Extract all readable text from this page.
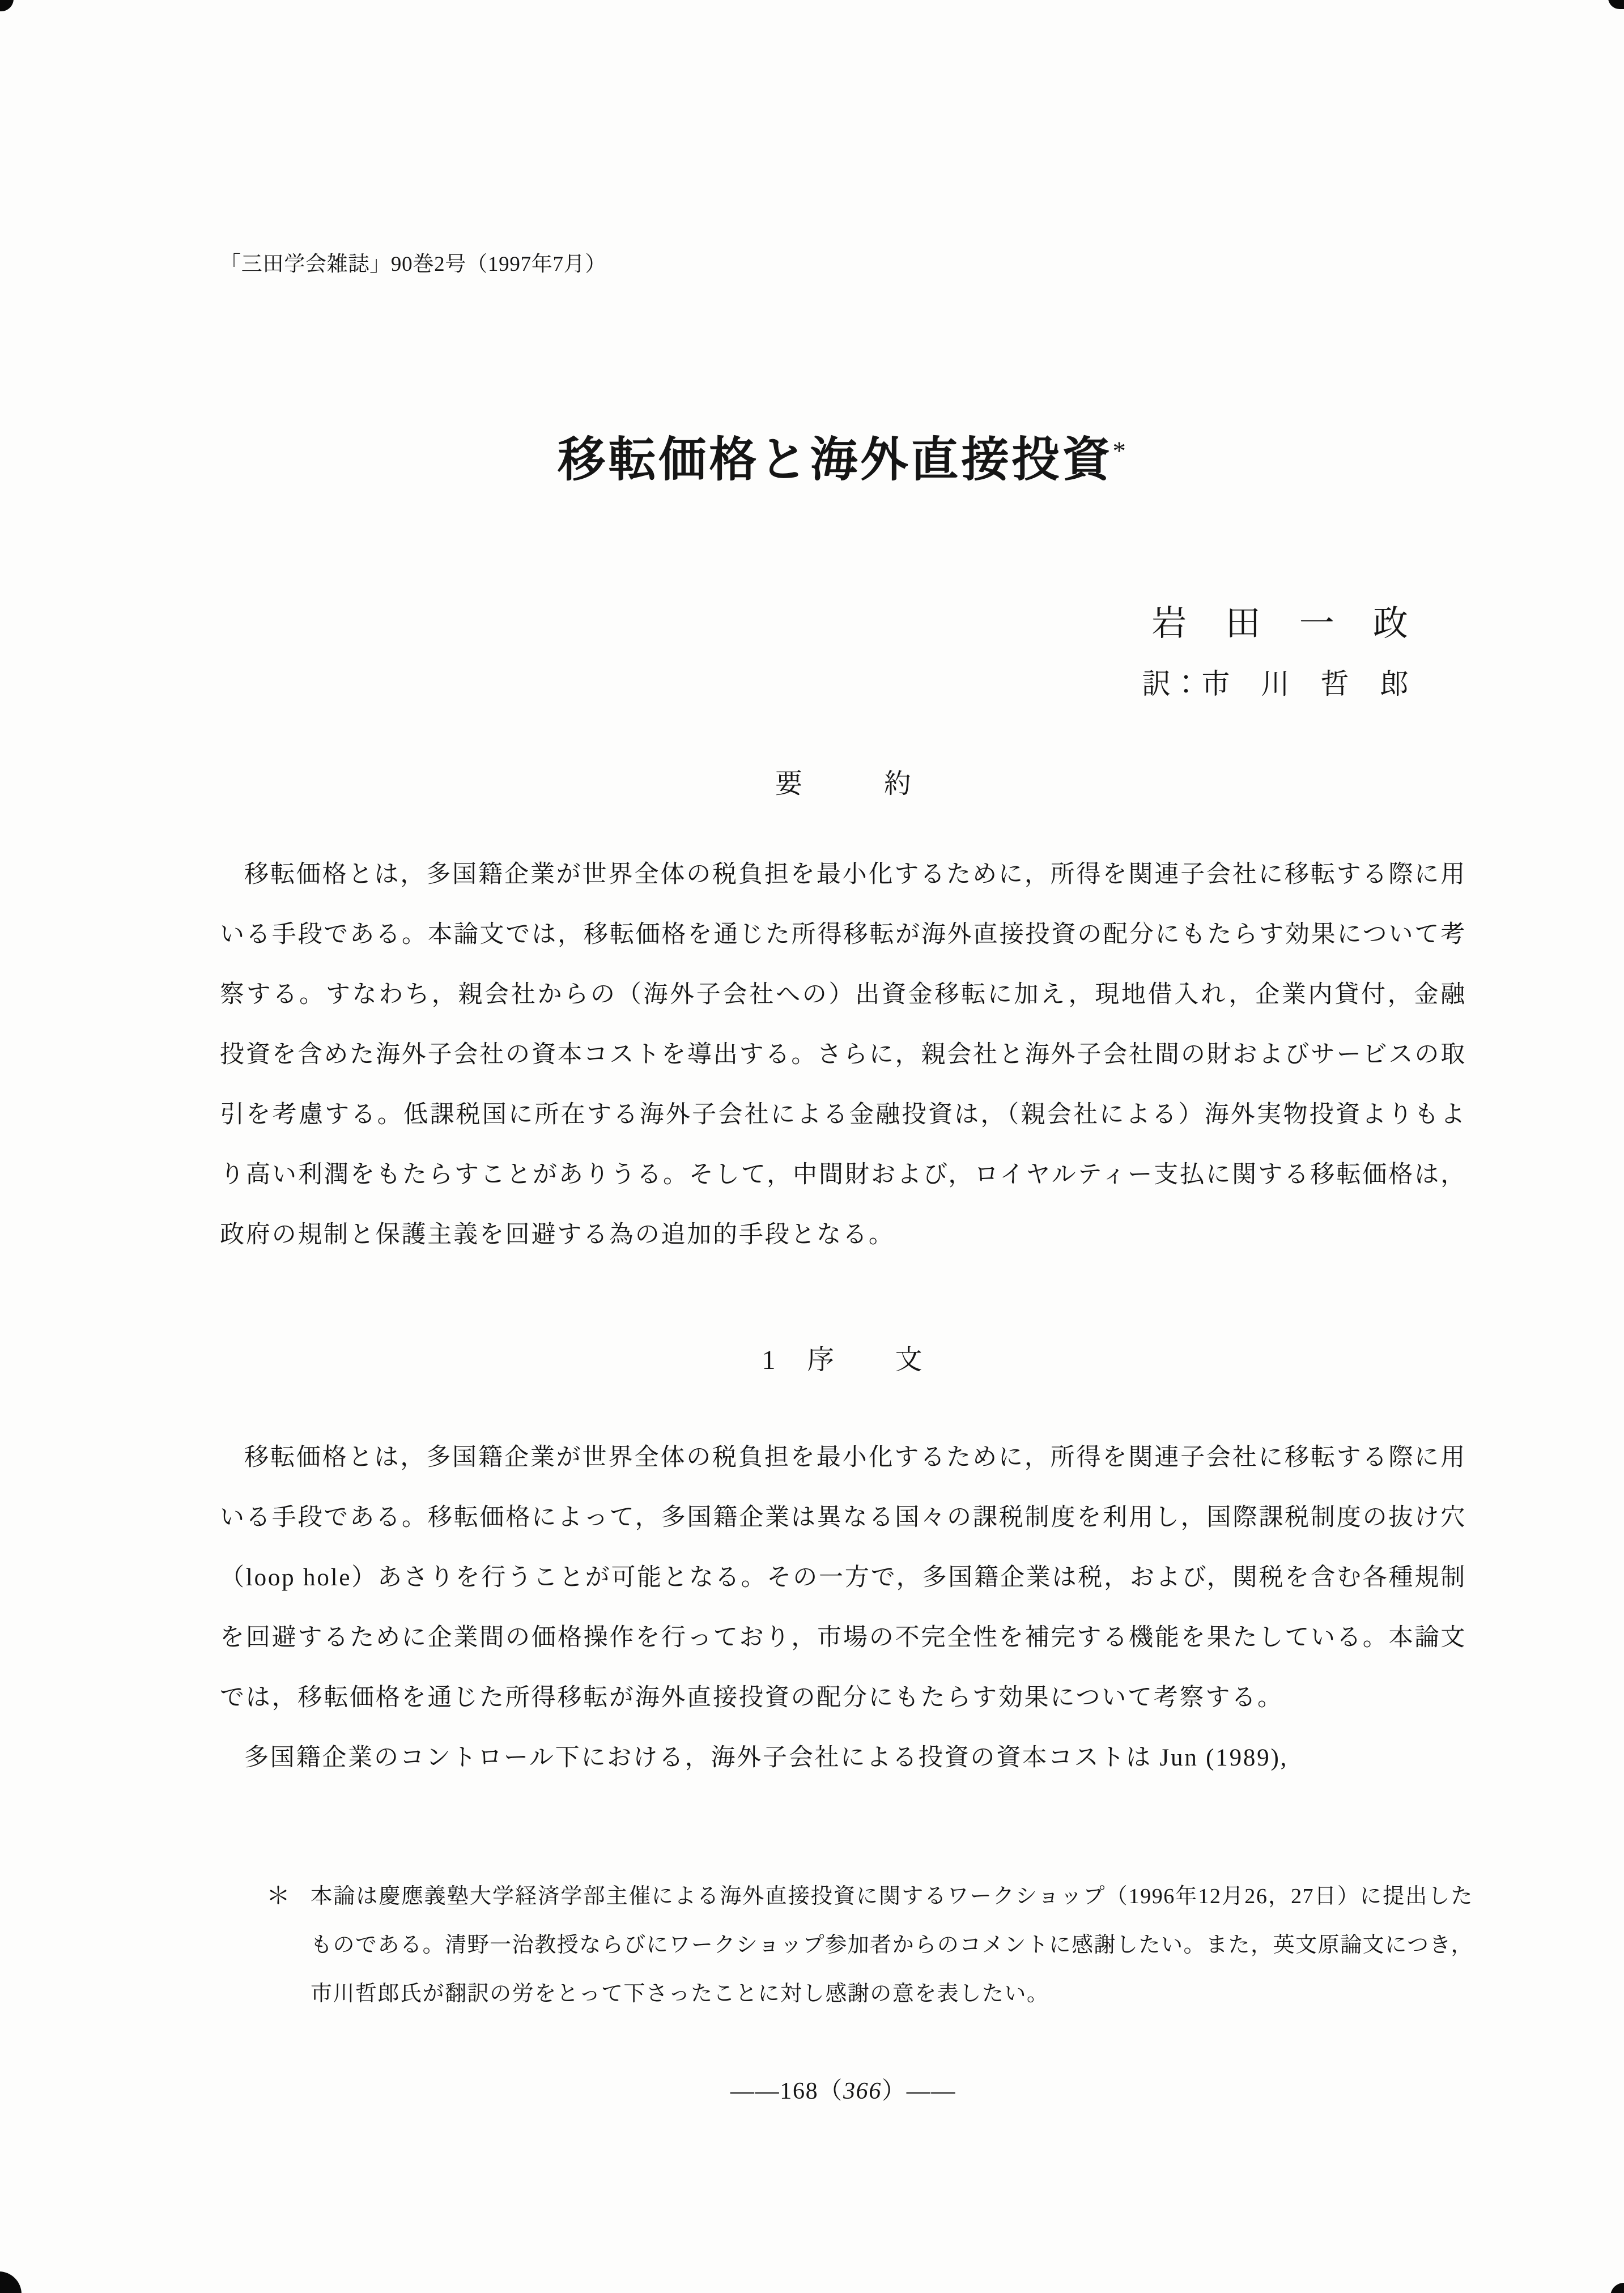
「三田学会雑誌」90巻2号（1997年7月）
移転価格と海外直接投資*
岩　田　一　政
訳：市　川　哲　郎
要　　　約

移転価格とは，多国籍企業が世界全体の税負担を最小化するために，所得を関連子会社に移転する際に用いる手段である。本論文では，移転価格を通じた所得移転が海外直接投資の配分にもたらす効果について考察する。すなわち，親会社からの（海外子会社への）出資金移転に加え，現地借入れ，企業内貸付，金融投資を含めた海外子会社の資本コストを導出する。さらに，親会社と海外子会社間の財およびサービスの取引を考慮する。低課税国に所在する海外子会社による金融投資は，（親会社による）海外実物投資よりもより高い利潤をもたらすことがありうる。そして，中間財および，ロイヤルティー支払に関する移転価格は，政府の規制と保護主義を回避する為の追加的手段となる。

1　序　　文

移転価格とは，多国籍企業が世界全体の税負担を最小化するために，所得を関連子会社に移転する際に用いる手段である。移転価格によって，多国籍企業は異なる国々の課税制度を利用し，国際課税制度の抜け穴（loop hole）あさりを行うことが可能となる。その一方で，多国籍企業は税，および，関税を含む各種規制を回避するために企業間の価格操作を行っており，市場の不完全性を補完する機能を果たしている。本論文では，移転価格を通じた所得移転が海外直接投資の配分にもたらす効果について考察する。

多国籍企業のコントロール下における，海外子会社による投資の資本コストは Jun (1989),

＊ 本論は慶應義塾大学経済学部主催による海外直接投資に関するワークショップ（1996年12月26，27日）に提出したものである。清野一治教授ならびにワークショップ参加者からのコメントに感謝したい。また，英文原論文につき，市川哲郎氏が翻訳の労をとって下さったことに対し感謝の意を表したい。
——168（366）——
